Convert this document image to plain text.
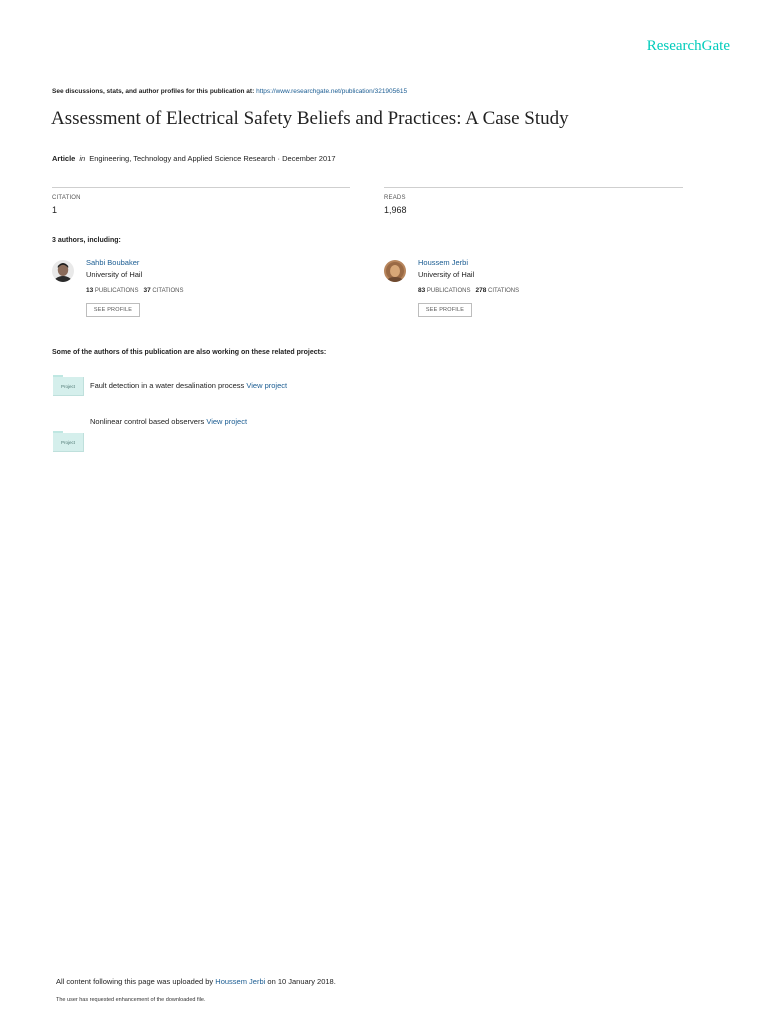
ResearchGate
See discussions, stats, and author profiles for this publication at: https://www.researchgate.net/publication/321905615
Assessment of Electrical Safety Beliefs and Practices: A Case Study
Article in Engineering, Technology and Applied Science Research · December 2017
CITATION
1
READS
1,968
3 authors, including:
Sahbi Boubaker
University of Hail
13 PUBLICATIONS 37 CITATIONS
SEE PROFILE
Houssem Jerbi
University of Hail
83 PUBLICATIONS 278 CITATIONS
SEE PROFILE
Some of the authors of this publication are also working on these related projects:
Project	Fault detection in a water desalination process View project
Project
Nonlinear control based observers View project
All content following this page was uploaded by Houssem Jerbi on 10 January 2018.
The user has requested enhancement of the downloaded file.
